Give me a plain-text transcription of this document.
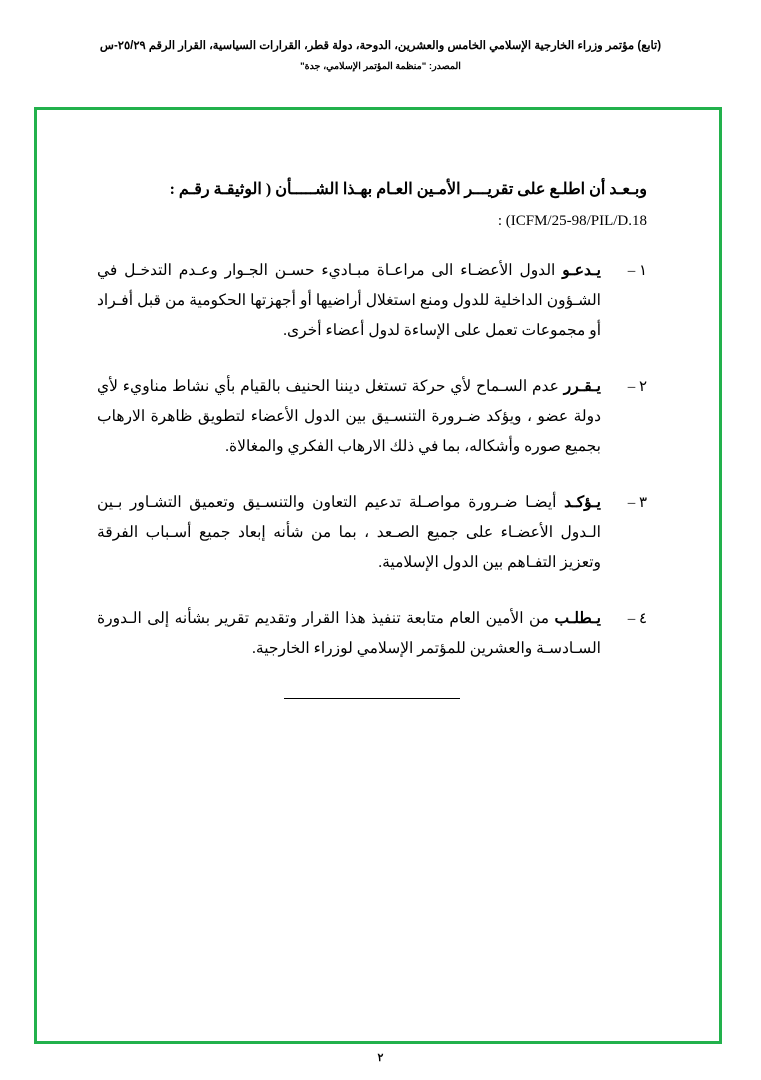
(تابع) مؤتمر وزراء الخارجية الإسلامي الخامس والعشرين، الدوحة، دولة قطر، القرارات السياسية، القرار الرقم ٢٥/٢٩-س
المصدر: "منظمة المؤتمر الإسلامي، جدة"
وبـعـد أن اطلـع على تقريـــر الأمـين العـام بهـذا الشـــــأن ( الوثيقـة رقـم :
: (ICFM/25-98/PIL/D.18
١ –
يـدعـو الدول الأعضـاء الى مراعـاة مبـاديء حسـن الجـوار وعـدم التدخـل في الشـؤون الداخلية للدول ومنع استغلال أراضيها أو أجهزتها الحكومية من قبل أفـراد أو مجموعات تعمل على الإساءة لدول أعضاء أخرى.
٢ –
يـقـرر عدم السـماح لأي حركة تستغل ديننا الحنيف بالقيام بأي نشاط مناويء لأي دولة عضو ، ويؤكد ضـرورة التنسـيق بين الدول الأعضاء لتطويق ظاهرة الارهاب بجميع صوره وأشكاله، بما في ذلك الارهاب الفكري والمغالاة.
٣ –
يـؤكـد أيضـا ضـرورة مواصـلة تدعيم التعاون والتنسـيق وتعميق التشـاور بـين الـدول الأعضـاء على جميع الصـعد ، بما من شأنه إبعاد جميع أسـباب الفرقة وتعزيز التفـاهم بين الدول الإسلامية.
٤ –
يـطلـب من الأمين العام متابعة تنفيذ هذا القرار وتقديم تقرير بشأنه إلى الـدورة السـادسـة والعشرين للمؤتمر الإسلامي لوزراء الخارجية.
٢
